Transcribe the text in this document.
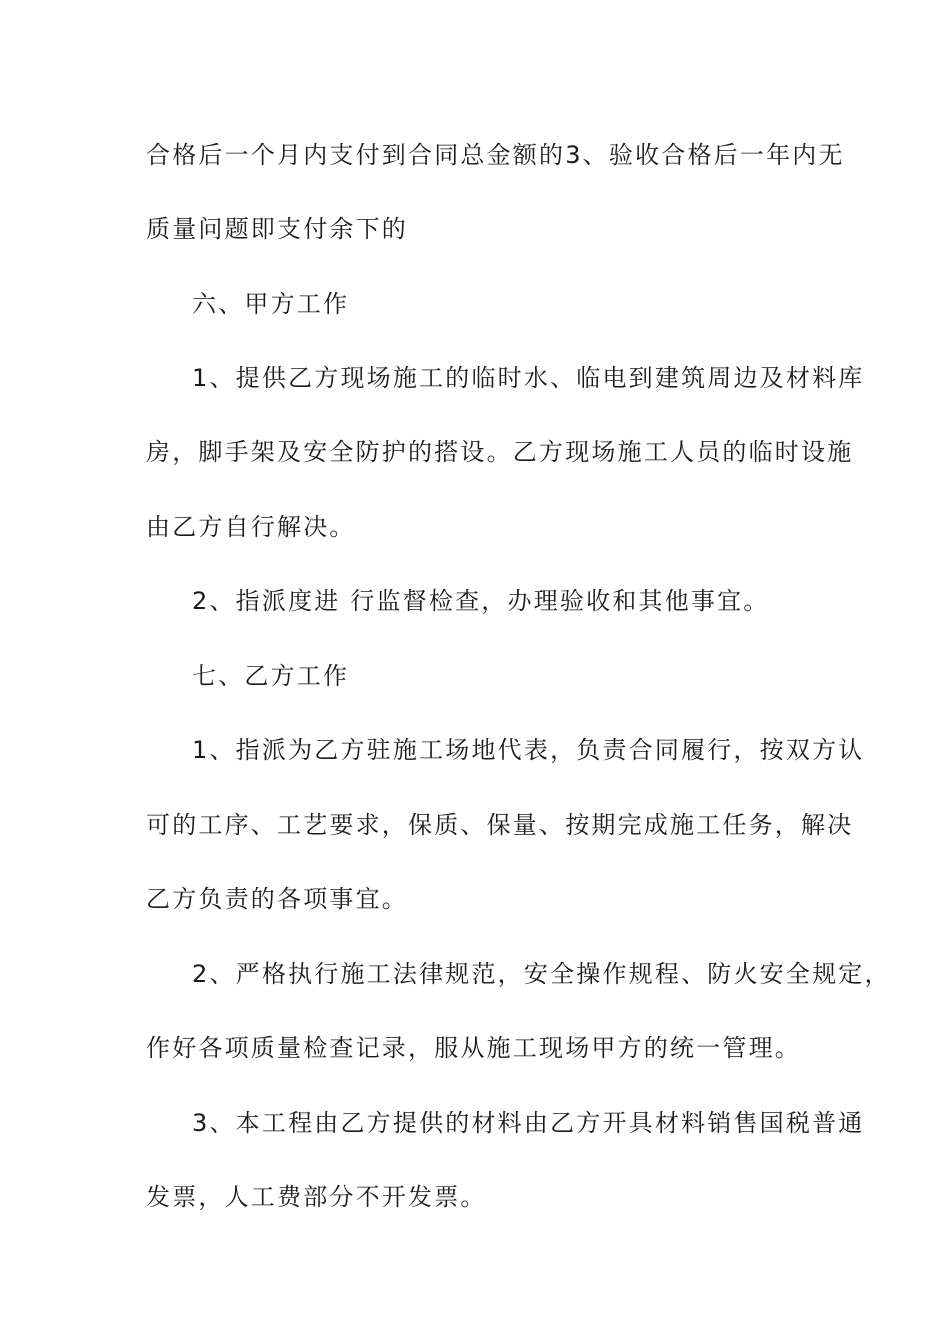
合格后一个月内支付到合同总金额的3、验收合格后一年内无
质量问题即支付余下的
六、甲方工作
1、提供乙方现场施工的临时水、临电到建筑周边及材料库
房，脚手架及安全防护的搭设。乙方现场施工人员的临时设施
由乙方自行解决。
2、指派度进 行监督检查，办理验收和其他事宜。
七、乙方工作
1、指派为乙方驻施工场地代表，负责合同履行，按双方认
可的工序、工艺要求，保质、保量、按期完成施工任务，解决
乙方负责的各项事宜。
2、严格执行施工法律规范，安全操作规程、防火安全规定，
作好各项质量检查记录，服从施工现场甲方的统一管理。
3、本工程由乙方提供的材料由乙方开具材料销售国税普通
发票，人工费部分不开发票。
